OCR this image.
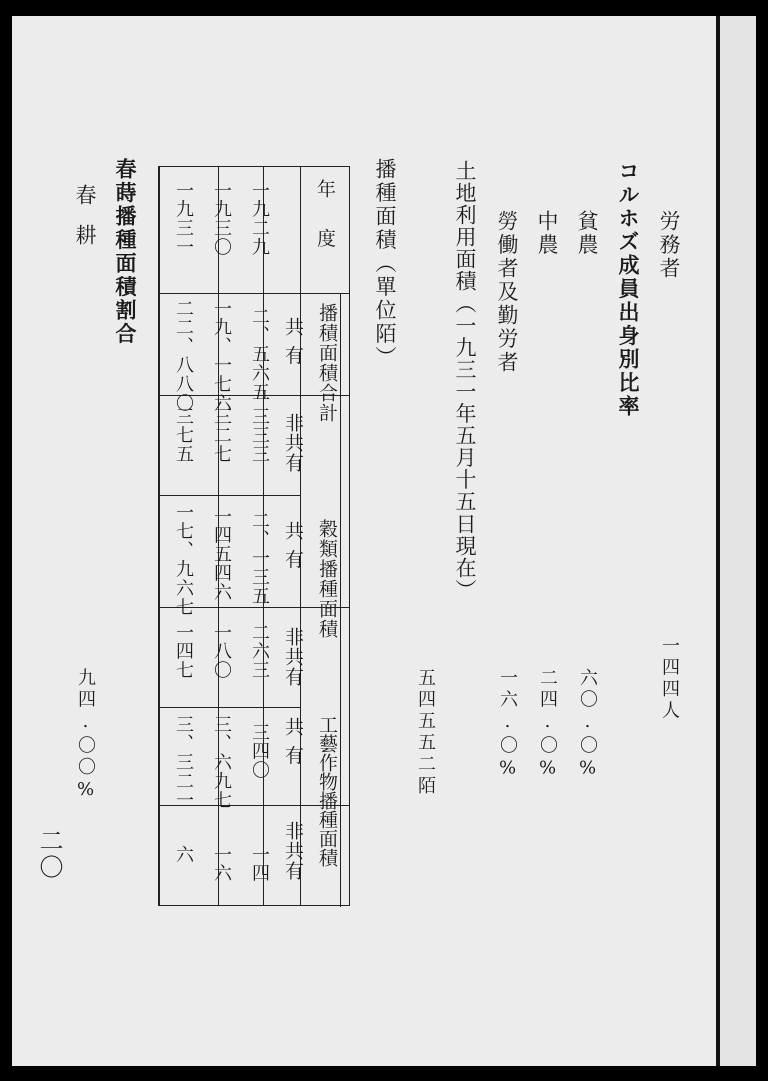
労務者
一四四人
コルホズ成員出身別比率
貧農
六〇.〇%
中農
二四.〇%
勞働者及勤労者
一六.〇%
土地利用面積（一九三一年五月十五日現在）
五四五五二陌
播種面積（單位陌）
年度
播積面積合計
穀類播種面積
工藝作物播種面積
共有
非共有
共有
非共有
共有
非共有
一九二九
二、五六五
三三三
二、一三五
二六三
三四〇
一四
一九三〇
一九、一七六
三二七
一四五四六
一八〇
三、六九七
一六
一九三一
二二、八八〇
三七五
一七、九六七
一四七
三、三二一
六
春蒔播種面積割合
春耕
九四.〇〇%
二〇
